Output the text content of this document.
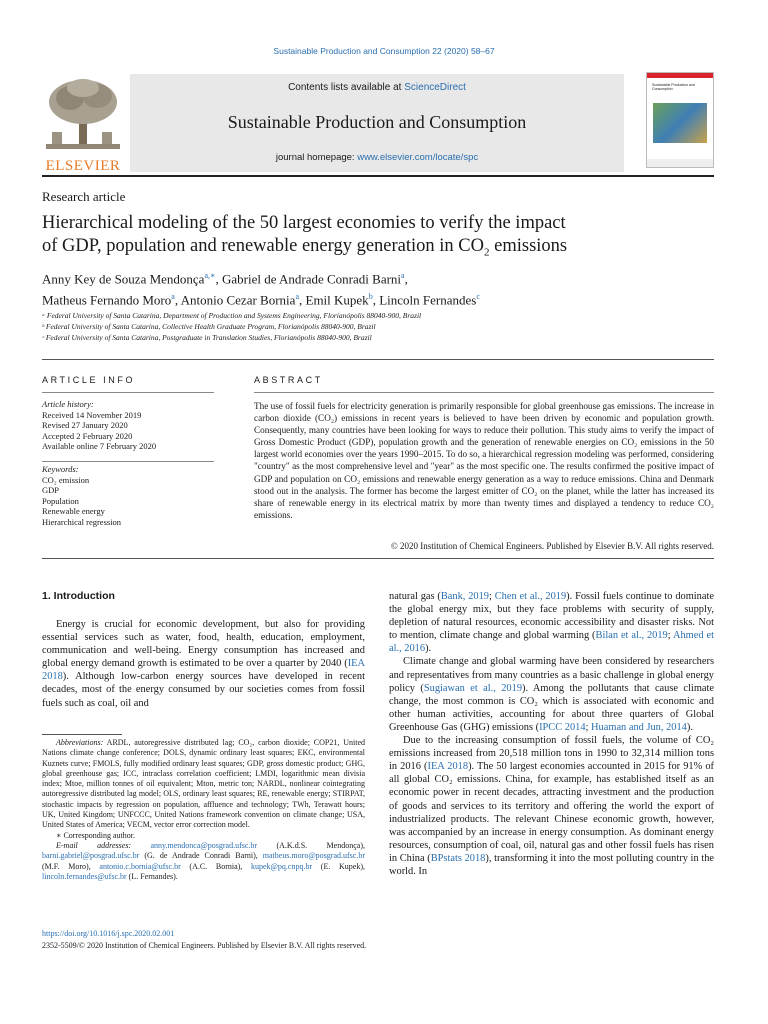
Sustainable Production and Consumption 22 (2020) 58–67
ELSEVIER
Contents lists available at ScienceDirect
Sustainable Production and Consumption
journal homepage: www.elsevier.com/locate/spc
Sustainable Production and Consumption
Research article
Hierarchical modeling of the 50 largest economies to verify the impact
of GDP, population and renewable energy generation in $CO_2$ emissions
Anny Key de Souza Mendonça$^{a,∗}$, Gabriel de Andrade Conradi Barni$^a$,
Matheus Fernando Moro$^a$, Antonio Cezar Bornia$^a$, Emil Kupek$^b$, Lincoln Fernandes$^c$
ᵃ Federal University of Santa Catarina, Department of Production and Systems Engineering, Florianópolis 88040-900, Brazil
ᵇ Federal University of Santa Catarina, Collective Health Graduate Program, Florianópolis 88040-900, Brazil
ᶜ Federal University of Santa Catarina, Postgraduate in Translation Studies, Florianópolis 88040-900, Brazil
ARTICLE INFO
Article history:
Received 14 November 2019
Revised 27 January 2020
Accepted 2 February 2020
Available online 7 February 2020
Keywords:
CO₂ emission
GDP
Population
Renewable energy
Hierarchical regression
ABSTRACT
The use of fossil fuels for electricity generation is primarily responsible for global greenhouse gas emissions. The increase in carbon dioxide (CO₂) emissions in recent years is believed to have been driven by economic and population growth. Consequently, many countries have been looking for ways to reduce their pollution. This study aims to verify the impact of Gross Domestic Product (GDP), population growth and the generation of renewable energies on CO₂ emissions in the 50 largest world economies over the years 1990–2015. To do so, a hierarchical regression modeling was performed, considering "country" as the most comprehensive level and "year" as the most specific one. The results confirmed the positive impact of GDP and population on CO₂ emissions and renewable energy generation as a way to reduce emissions. China and Denmark stood out in the analysis. The former has become the largest emitter of CO₂ on the planet, while the latter has increased its share of renewable energy in its electrical matrix by more than twenty times and displayed a tendency to reduce CO₂ emissions.
© 2020 Institution of Chemical Engineers. Published by Elsevier B.V. All rights reserved.
1. Introduction

Energy is crucial for economic development, but also for providing essential services such as water, food, health, education, employment, communication and well-being. Energy consumption has increased and global energy demand growth is estimated to be over a quarter by 2040 (IEA 2018). Although low-carbon energy sources have developed in recent decades, most of the energy consumed by our societies comes from fossil fuels such as coal, oil and

Abbreviations: ARDL, autoregressive distributed lag; CO₂, carbon dioxide; COP21, United Nations climate change conference; DOLS, dynamic ordinary least squares; EKC, environmental Kuznets curve; FMOLS, fully modified ordinary least squares; GDP, gross domestic product; GHG, global greenhouse gas; ICC, intraclass correlation coefficient; LMDI, logarithmic mean divisia index; Mtoe, million tonnes of oil equivalent; Mton, metric ton; NARDL, nonlinear cointegrating autoregressive distributed lag model; OLS, ordinary least squares; RE, renewable energy; STIRPAT, stochastic impacts by regression on population, affluence and technology; TWh, Terawatt hours; UK, United Kingdom; UNFCCC, United Nations framework convention on climate change; USA, United States of America; VECM, vector error correction model.
∗ Corresponding author.
E-mail addresses: anny.mendonca@posgrad.ufsc.br (A.K.d.S. Mendonça), barni.gabriel@posgrad.ufsc.br (G. de Andrade Conradi Barni), matheus.moro@posgrad.ufsc.br (M.F. Moro), antonio.c.bornia@ufsc.br (A.C. Bornia), kupek@pq.cnpq.br (E. Kupek), lincoln.fernandes@ufsc.br (L. Fernandes).

natural gas (Bank, 2019; Chen et al., 2019). Fossil fuels continue to dominate the global energy mix, but they face problems with security of supply, depletion of natural resources, economic accessibility and disaster risks. Not to mention, climate change and global warming (Bilan et al., 2019; Ahmed et al., 2016).

Climate change and global warming have been considered by researchers and representatives from many countries as a basic challenge in global energy policy (Sugiawan et al., 2019). Among the pollutants that cause climate change, the most common is CO₂ which is associated with economic and other human activities, accounting for about three quarters of Global Greenhouse Gas (GHG) emissions (IPCC 2014; Huaman and Jun, 2014).

Due to the increasing consumption of fossil fuels, the volume of CO₂ emissions increased from 20,518 million tons in 1990 to 32,314 million tons in 2016 (IEA 2018). The 50 largest economies accounted in 2015 for 91% of all global CO₂ emissions. China, for example, has established itself as an economic power in recent decades, attracting investment and the production of goods and services to its territory and offering the world the export of industrialized products. The relevant Chinese economic growth, however, was accompanied by an increase in energy consumption. As dominant energy resources, consumption of coal, oil, natural gas and other fossil fuels has risen in China (BPstats 2018), transforming it into the most polluting country in the world. In

https://doi.org/10.1016/j.spc.2020.02.001
2352-5509/© 2020 Institution of Chemical Engineers. Published by Elsevier B.V. All rights reserved.
